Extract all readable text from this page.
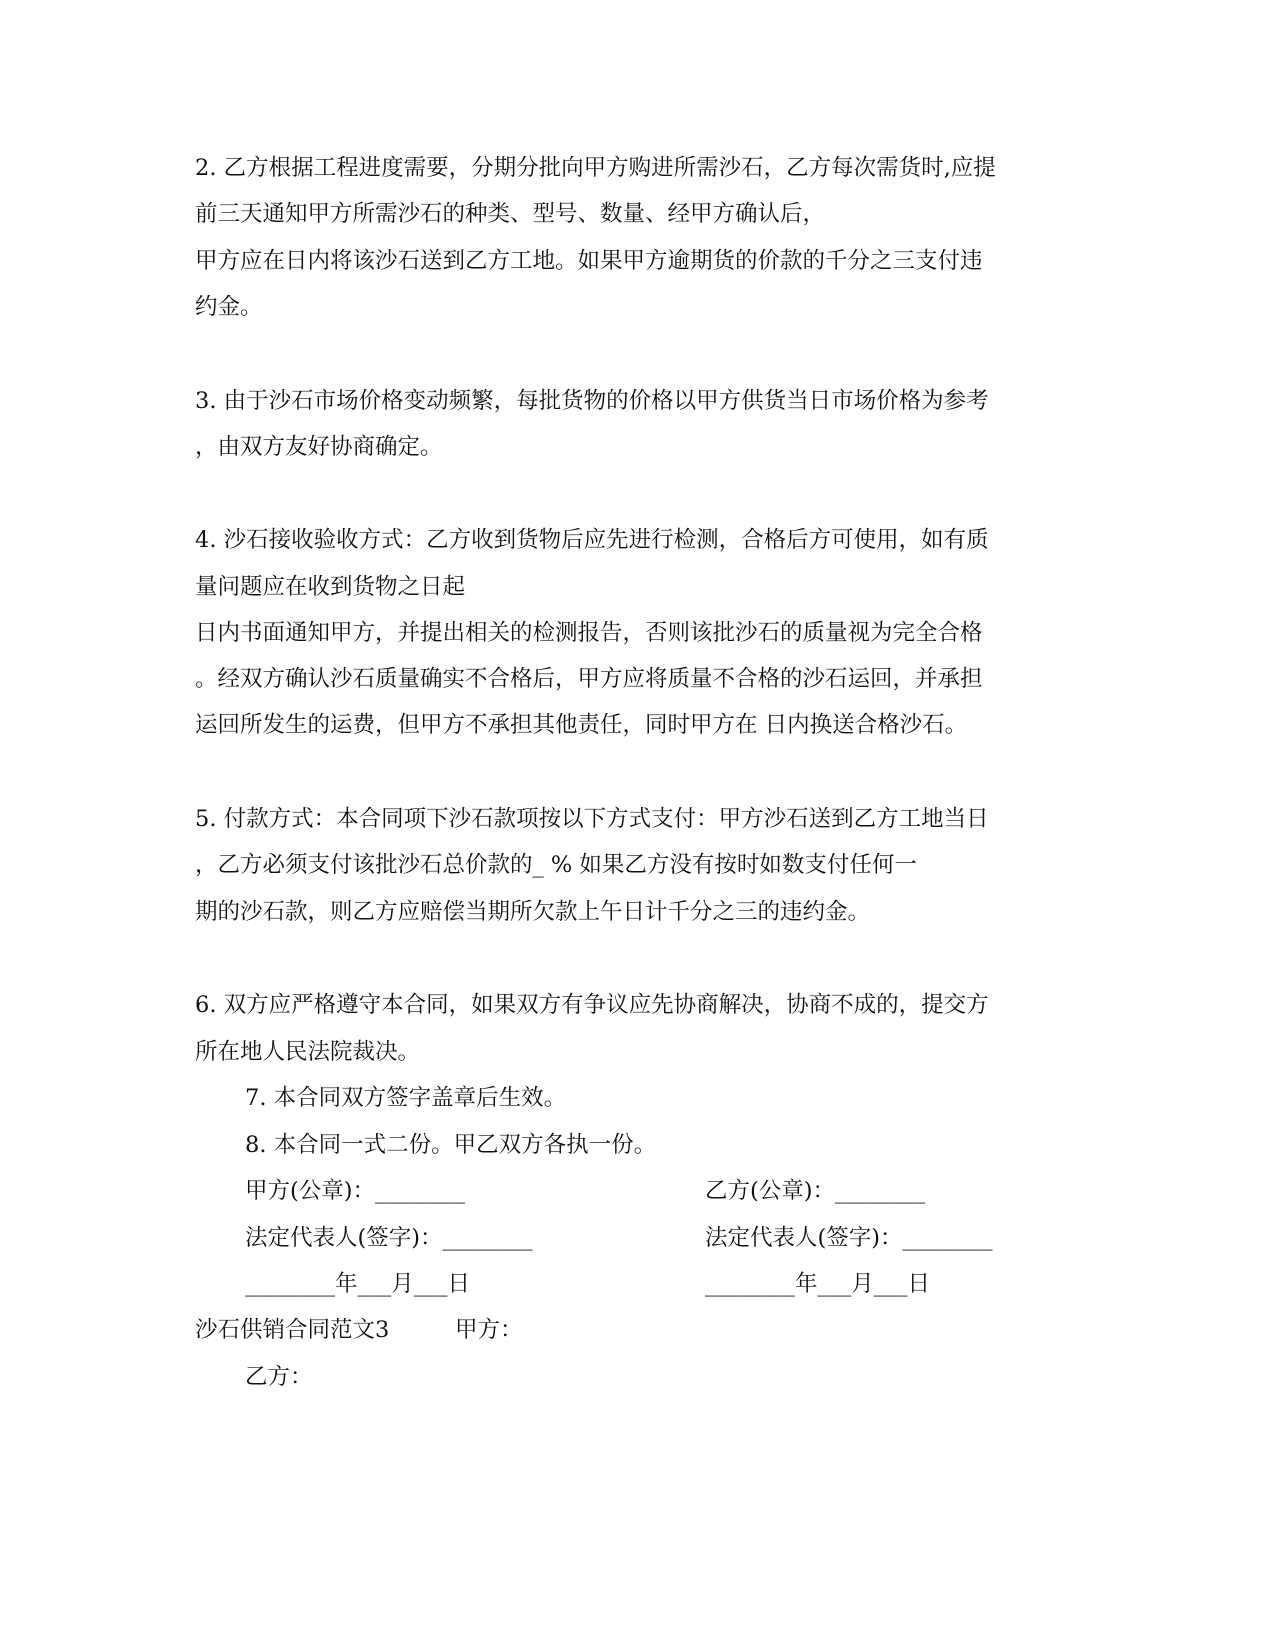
2. 乙方根据工程进度需要，分期分批向甲方购进所需沙石，乙方每次需货时,应提
前三天通知甲方所需沙石的种类、型号、数量、经甲方确认后，
甲方应在日内将该沙石送到乙方工地。如果甲方逾期货的价款的千分之三支付违
约金。
3. 由于沙石市场价格变动频繁，每批货物的价格以甲方供货当日市场价格为参考
，由双方友好协商确定。
4. 沙石接收验收方式：乙方收到货物后应先进行检测，合格后方可使用，如有质
量问题应在收到货物之日起
日内书面通知甲方，并提出相关的检测报告，否则该批沙石的质量视为完全合格
。经双方确认沙石质量确实不合格后，甲方应将质量不合格的沙石运回，并承担
运回所发生的运费，但甲方不承担其他责任，同时甲方在 日内换送合格沙石。
5. 付款方式：本合同项下沙石款项按以下方式支付：甲方沙石送到乙方工地当日
，乙方必须支付该批沙石总价款的_ % 如果乙方没有按时如数支付任何一
期的沙石款，则乙方应赔偿当期所欠款上午日计千分之三的违约金。
6. 双方应严格遵守本合同，如果双方有争议应先协商解决，协商不成的，提交方
所在地人民法院裁决。
7. 本合同双方签字盖章后生效。
8. 本合同一式二份。甲乙双方各执一份。
甲方(公章)：________	乙方(公章)：________
法定代表人(签字)：________	法定代表人(签字)：________
________年___月___日	________年___月___日
沙石供销合同范文3	甲方：
乙方：
